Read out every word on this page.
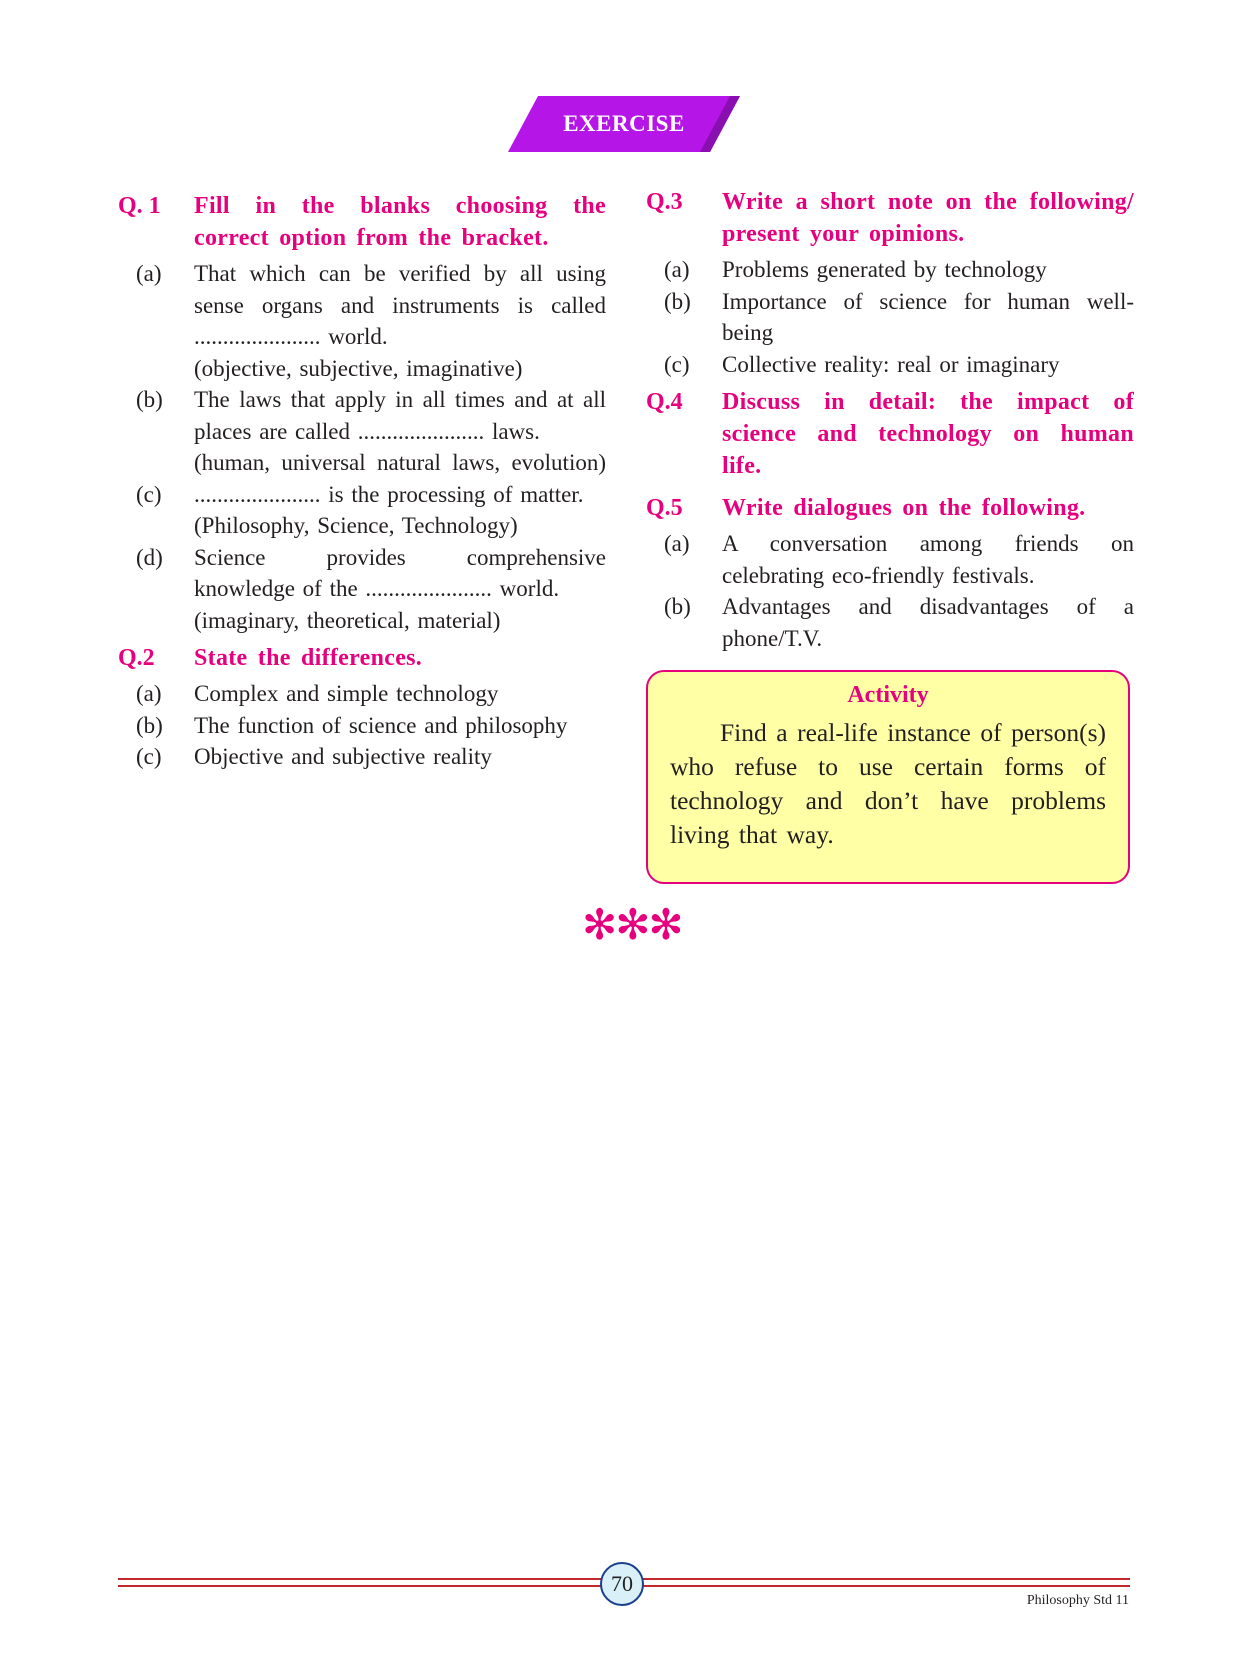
EXERCISE
Q. 1	Fill in the blanks choosing the correct option from the bracket.
(a)	That which can be verified by all using sense organs and instruments is called ...................... world.
(objective, subjective, imaginative)
(b)	The laws that apply in all times and at all places are called ...................... laws.
(human, universal natural laws, evolution)
(c)	...................... is the processing of matter.
(Philosophy, Science, Technology)
(d)	Science provides comprehensive knowledge of the ...................... world.
(imaginary, theoretical, material)
Q.2	State the differences.
(a)	Complex and simple technology
(b)	The function of science and philosophy
(c)	Objective and subjective reality
Q.3	Write a short note on the following/ present your opinions.
(a)	Problems generated by technology
(b)	Importance of science for human well-being
(c)	Collective reality: real or imaginary
Q.4	Discuss in detail: the impact of science and technology on human life.
Q.5	Write dialogues on the following.
(a)	A conversation among friends on celebrating eco-friendly festivals.
(b)	Advantages and disadvantages of a phone/T.V.
Activity
Find a real-life instance of person(s) who refuse to use certain forms of technology and don’t have problems living that way.
✻✻✻
70
Philosophy Std 11
